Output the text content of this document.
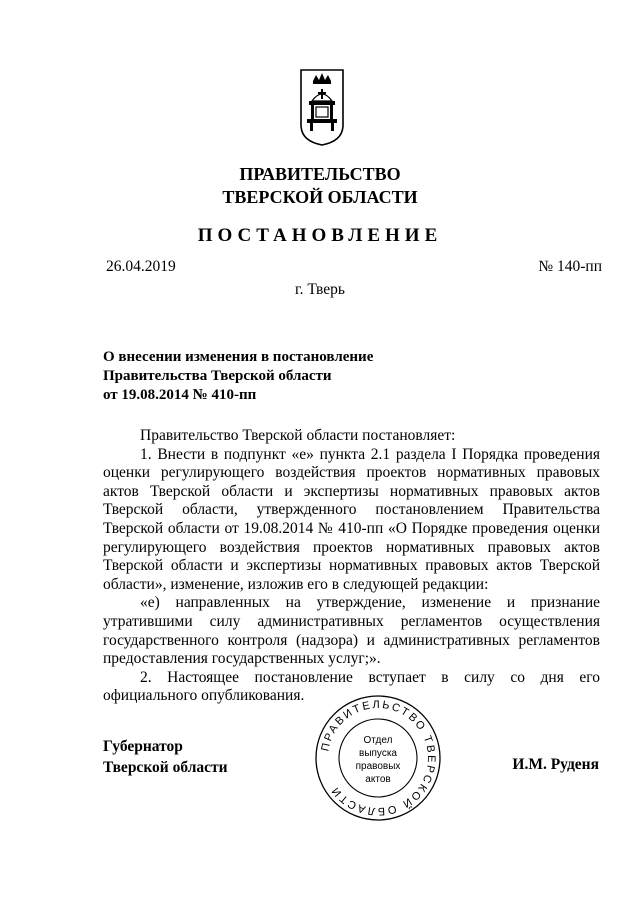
ПРАВИТЕЛЬСТВО
ТВЕРСКОЙ ОБЛАСТИ
ПОСТАНОВЛЕНИЕ
26.04.2019	№ 140-пп
г. Тверь
О внесении изменения в постановление
Правительства Тверской области
от 19.08.2014 № 410-пп

Правительство Тверской области постановляет:

1. Внести в подпункт «е» пункта 2.1 раздела I Порядка проведения оценки регулирующего воздействия проектов нормативных правовых актов Тверской области и экспертизы нормативных правовых актов Тверской области, утвержденного постановлением Правительства Тверской области от 19.08.2014 № 410-пп «О Порядке проведения оценки регулирующего воздействия проектов нормативных правовых актов Тверской области и экспертизы нормативных правовых актов Тверской области», изменение, изложив его в следующей редакции:

«е) направленных на утверждение, изменение и признание утратившими силу административных регламентов осуществления государственного контроля (надзора) и административных регламентов предоставления государственных услуг;».

2. Настоящее постановление вступает в силу со дня его официального опубликования.

Губернатор
Тверской области	И.М. Руденя
ПРАВИТЕЛЬСТВО ТВЕРСКОЙ ОБЛАСТИ
Отдел
выпуска
правовых
актов
